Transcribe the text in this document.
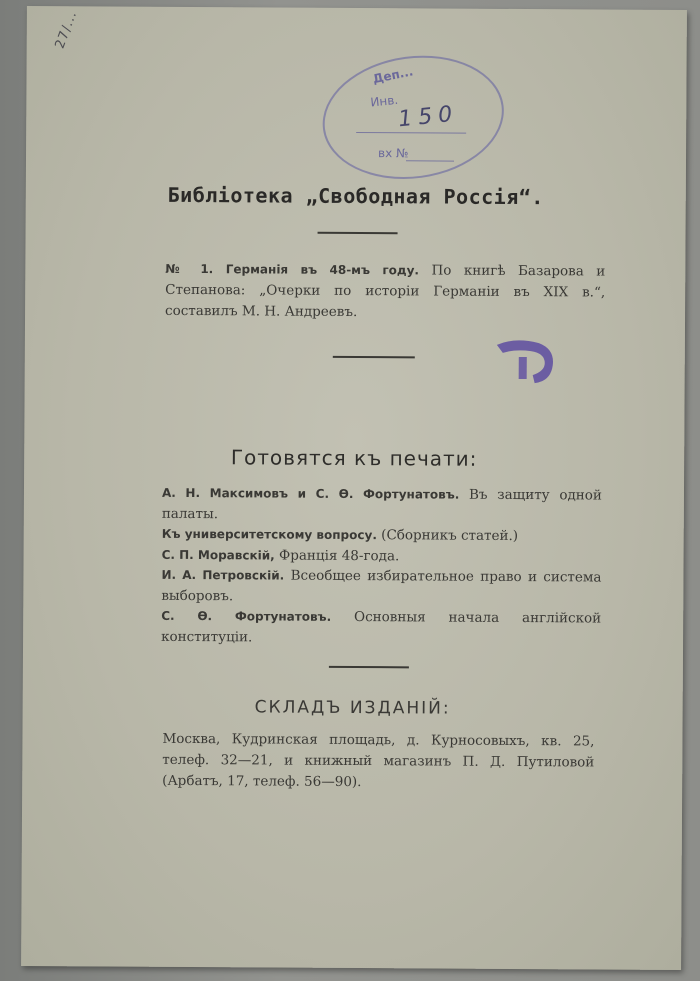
27/...
Деп...
Инв.
вх №
150
Библіотека „Свободная Россія“.
№ 1. Германія въ 48-мъ году. По книгѣ Базарова и Степанова: „Очерки по исторіи Германіи въ XIX в.“, составилъ М. Н. Андреевъ.
Готовятся къ печати:

А. Н. Максимовъ и С. Ѳ. Фортунатовъ. Въ защиту одной палаты.

Къ университетскому вопросу. (Сборникъ статей.)

С. П. Моравскій, Франція 48-года.

И. А. Петровскій. Всеобщее избирательное право и система выборовъ.

С. Ѳ. Фортунатовъ. Основныя начала англійской конституціи.

СКЛАДЪ ИЗДАНІЙ:
Москва, Кудринская площадь, д. Курносовыхъ, кв. 25, телеф. 32—21, и книжный магазинъ П. Д. Путиловой (Арбатъ, 17, телеф. 56—90).
